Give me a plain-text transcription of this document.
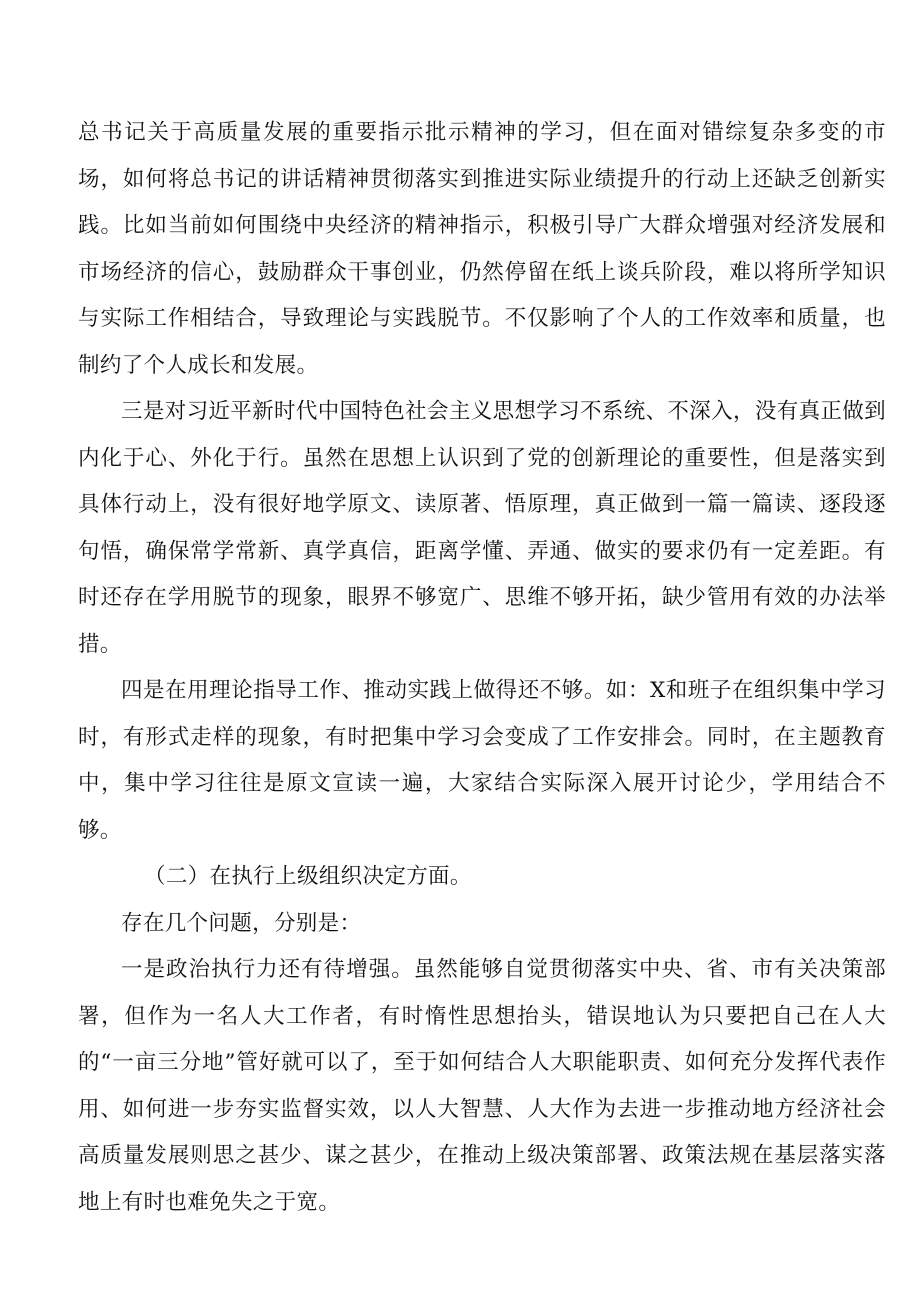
总书记关于高质量发展的重要指示批示精神的学习，但在面对错综复杂多变的市场，如何将总书记的讲话精神贯彻落实到推进实际业绩提升的行动上还缺乏创新实践。比如当前如何围绕中央经济的精神指示，积极引导广大群众增强对经济发展和市场经济的信心，鼓励群众干事创业，仍然停留在纸上谈兵阶段，难以将所学知识与实际工作相结合，导致理论与实践脱节。不仅影响了个人的工作效率和质量，也制约了个人成长和发展。

三是对习近平新时代中国特色社会主义思想学习不系统、不深入，没有真正做到内化于心、外化于行。虽然在思想上认识到了党的创新理论的重要性，但是落实到具体行动上，没有很好地学原文、读原著、悟原理，真正做到一篇一篇读、逐段逐句悟，确保常学常新、真学真信，距离学懂、弄通、做实的要求仍有一定差距。有时还存在学用脱节的现象，眼界不够宽广、思维不够开拓，缺少管用有效的办法举措。

四是在用理论指导工作、推动实践上做得还不够。如：X和班子在组织集中学习时，有形式走样的现象，有时把集中学习会变成了工作安排会。同时，在主题教育中，集中学习往往是原文宣读一遍，大家结合实际深入展开讨论少，学用结合不够。

（二）在执行上级组织决定方面。

存在几个问题，分别是：

一是政治执行力还有待增强。虽然能够自觉贯彻落实中央、省、市有关决策部署，但作为一名人大工作者，有时惰性思想抬头，错误地认为只要把自己在人大的“一亩三分地”管好就可以了，至于如何结合人大职能职责、如何充分发挥代表作用、如何进一步夯实监督实效，以人大智慧、人大作为去进一步推动地方经济社会高质量发展则思之甚少、谋之甚少，在推动上级决策部署、政策法规在基层落实落地上有时也难免失之于宽。
